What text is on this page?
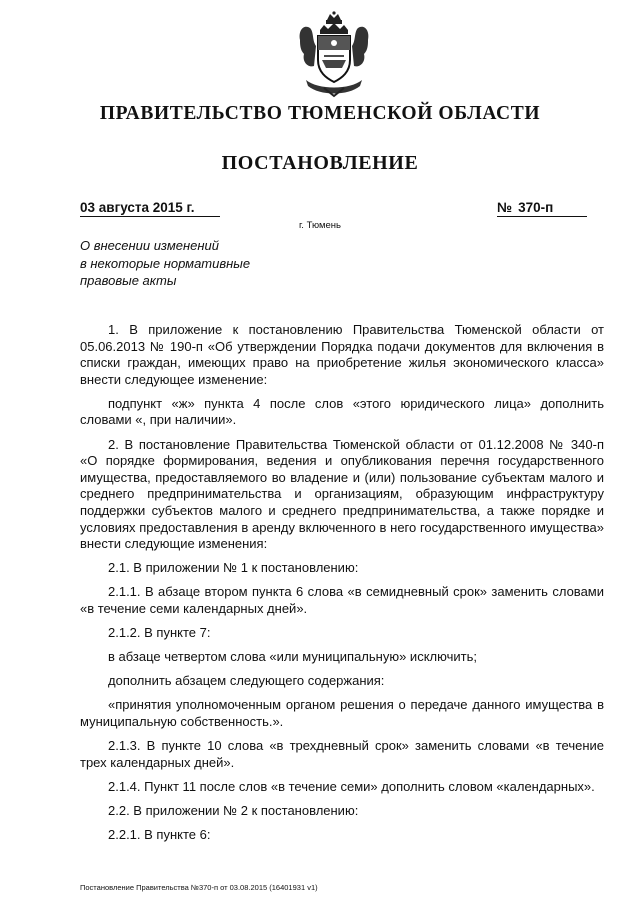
ПРАВИТЕЛЬСТВО ТЮМЕНСКОЙ ОБЛАСТИ
ПОСТАНОВЛЕНИЕ
03 августа 2015 г.	№ 370-п
г. Тюмень
О внесении изменений
в некоторые нормативные
правовые акты

1. В приложение к постановлению Правительства Тюменской области от 05.06.2013 № 190-п «Об утверждении Порядка подачи документов для включения в списки граждан, имеющих право на приобретение жилья экономического класса» внести следующее изменение:

подпункт «ж» пункта 4 после слов «этого юридического лица» дополнить словами «, при наличии».

2. В постановление Правительства Тюменской области от 01.12.2008 № 340-п «О порядке формирования, ведения и опубликования перечня государственного имущества, предоставляемого во владение и (или) пользование субъектам малого и среднего предпринимательства и организациям, образующим инфраструктуру поддержки субъектов малого и среднего предпринимательства, а также порядке и условиях предоставления в аренду включенного в него государственного имущества» внести следующие изменения:

2.1. В приложении № 1 к постановлению:

2.1.1. В абзаце втором пункта 6 слова «в семидневный срок» заменить словами «в течение семи календарных дней».

2.1.2. В пункте 7:

в абзаце четвертом слова «или муниципальную» исключить;

дополнить абзацем следующего содержания:

«принятия уполномоченным органом решения о передаче данного имущества в муниципальную собственность.».

2.1.3. В пункте 10 слова «в трехдневный срок» заменить словами «в течение трех календарных дней».

2.1.4. Пункт 11 после слов «в течение семи» дополнить словом «календарных».

2.2. В приложении № 2 к постановлению:

2.2.1. В пункте 6:

Постановление Правительства №370-п от 03.08.2015 (16401931 v1)
